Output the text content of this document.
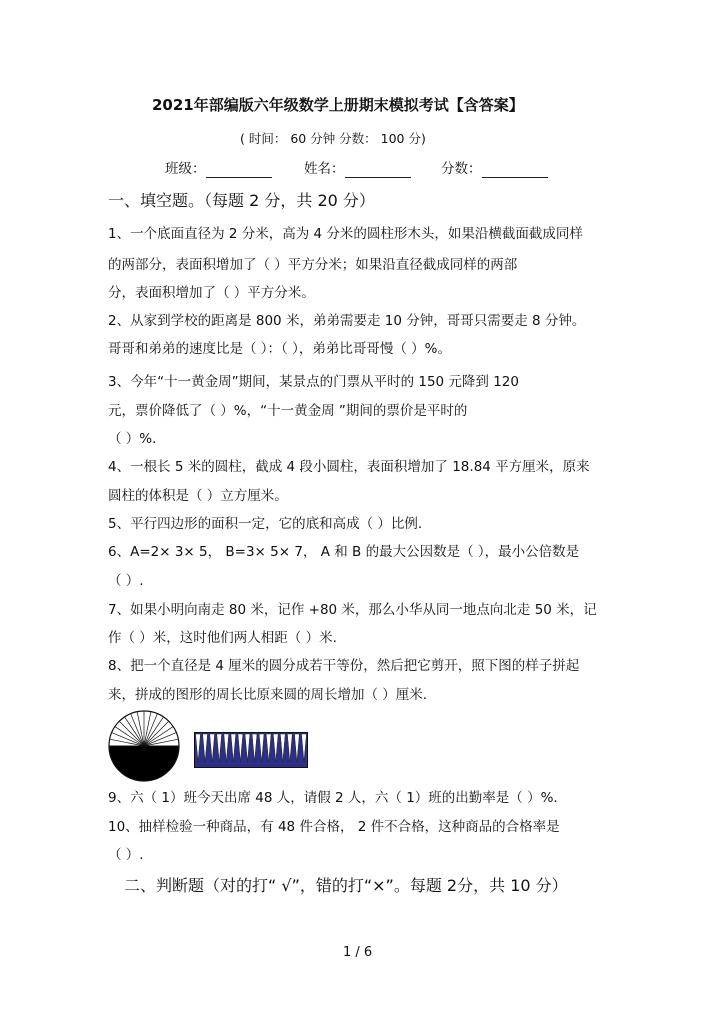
2021年部编版六年级数学上册期末模拟考试【含答案】
( 时间： 60 分钟 分数： 100 分)
班级：	姓名：	分数：
一、填空题。（每题 2 分，共 20 分）
1、一个底面直径为 2 分米，高为 4 分米的圆柱形木头，如果沿横截面截成同样
的两部分，表面积增加了（ ）平方分米；如果沿直径截成同样的两部
分，表面积增加了（ ）平方分米。
2、从家到学校的距离是 800 米，弟弟需要走 10 分钟，哥哥只需要走 8 分钟。
哥哥和弟弟的速度比是（ ）：（ ），弟弟比哥哥慢（ ）%。
3、今年“十一黄金周”期间，某景点的门票从平时的 150 元降到 120
元，票价降低了（ ）%，“十一黄金周 ”期间的票价是平时的
（ ）%.
4、一根长 5 米的圆柱，截成 4 段小圆柱，表面积增加了 18.84 平方厘米，原来
圆柱的体积是（ ）立方厘米。
5、平行四边形的面积一定，它的底和高成（ ）比例.
6、A=2× 3× 5， B=3× 5× 7， A 和 B 的最大公因数是（ ），最小公倍数是
（ ）.
7、如果小明向南走 80 米，记作 +80 米，那么小华从同一地点向北走 50 米，记
作（ ）米，这时他们两人相距（ ）米.
8、把一个直径是 4 厘米的圆分成若干等份，然后把它剪开，照下图的样子拼起
来，拼成的图形的周长比原来圆的周长增加（ ）厘米.
9、六（ 1）班今天出席 48 人，请假 2 人，六（ 1）班的出勤率是（ ）%.
10、抽样检验一种商品，有 48 件合格， 2 件不合格，这种商品的合格率是
（ ）.
二、判断题（对的打“ √”，错的打“×”。每题 2分，共 10 分）
1 / 6
